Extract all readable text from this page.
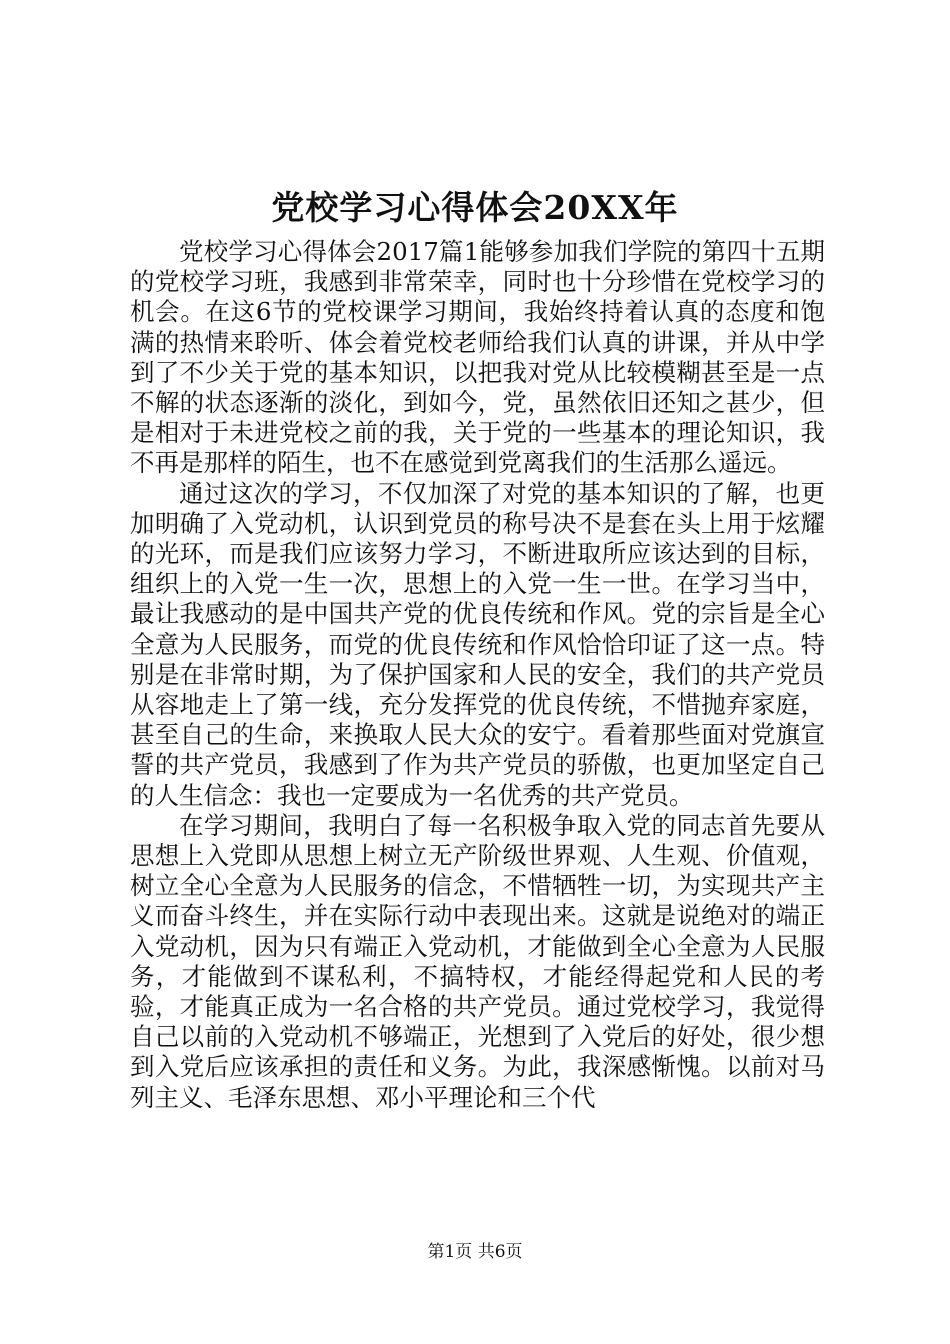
党校学习心得体会20XX年

党校学习心得体会2017篇1能够参加我们学院的第四十五期的党校学习班，我感到非常荣幸，同时也十分珍惜在党校学习的机会。在这6节的党校课学习期间，我始终持着认真的态度和饱满的热情来聆听、体会着党校老师给我们认真的讲课，并从中学到了不少关于党的基本知识，以把我对党从比较模糊甚至是一点不解的状态逐渐的淡化，到如今，党，虽然依旧还知之甚少，但是相对于未进党校之前的我，关于党的一些基本的理论知识，我不再是那样的陌生，也不在感觉到党离我们的生活那么遥远。

通过这次的学习，不仅加深了对党的基本知识的了解，也更加明确了入党动机，认识到党员的称号决不是套在头上用于炫耀的光环，而是我们应该努力学习，不断进取所应该达到的目标，组织上的入党一生一次，思想上的入党一生一世。在学习当中，最让我感动的是中国共产党的优良传统和作风。党的宗旨是全心全意为人民服务，而党的优良传统和作风恰恰印证了这一点。特别是在非常时期，为了保护国家和人民的安全，我们的共产党员从容地走上了第一线，充分发挥党的优良传统，不惜抛弃家庭，甚至自己的生命，来换取人民大众的安宁。看着那些面对党旗宣誓的共产党员，我感到了作为共产党员的骄傲，也更加坚定自己的人生信念：我也一定要成为一名优秀的共产党员。

在学习期间，我明白了每一名积极争取入党的同志首先要从思想上入党即从思想上树立无产阶级世界观、人生观、价值观，树立全心全意为人民服务的信念，不惜牺牲一切，为实现共产主义而奋斗终生，并在实际行动中表现出来。这就是说绝对的端正入党动机，因为只有端正入党动机，才能做到全心全意为人民服务，才能做到不谋私利，不搞特权，才能经得起党和人民的考验，才能真正成为一名合格的共产党员。通过党校学习，我觉得自己以前的入党动机不够端正，光想到了入党后的好处，很少想到入党后应该承担的责任和义务。为此，我深感惭愧。以前对马列主义、毛泽东思想、邓小平理论和三个代

第1页 共6页
